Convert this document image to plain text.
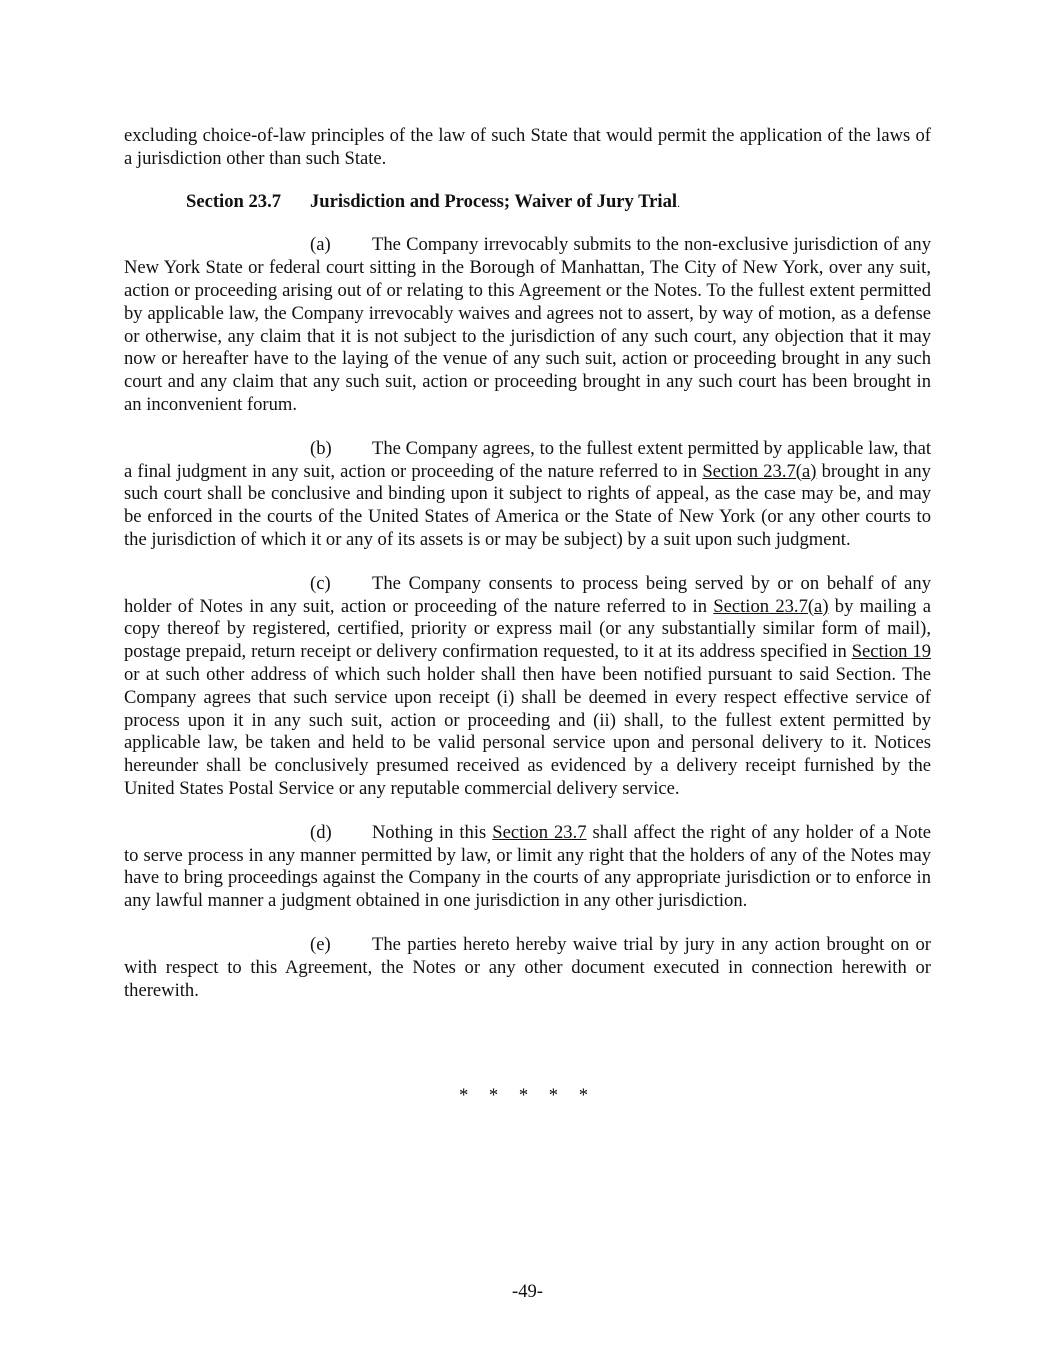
excluding choice-of-law principles of the law of such State that would permit the application of the laws of a jurisdiction other than such State.

Section 23.7 Jurisdiction and Process; Waiver of Jury Trial.

(a) The Company irrevocably submits to the non-exclusive jurisdiction of any New York State or federal court sitting in the Borough of Manhattan, The City of New York, over any suit, action or proceeding arising out of or relating to this Agreement or the Notes. To the fullest extent permitted by applicable law, the Company irrevocably waives and agrees not to assert, by way of motion, as a defense or otherwise, any claim that it is not subject to the jurisdiction of any such court, any objection that it may now or hereafter have to the laying of the venue of any such suit, action or proceeding brought in any such court and any claim that any such suit, action or proceeding brought in any such court has been brought in an inconvenient forum.

(b) The Company agrees, to the fullest extent permitted by applicable law, that a final judgment in any suit, action or proceeding of the nature referred to in Section 23.7(a) brought in any such court shall be conclusive and binding upon it subject to rights of appeal, as the case may be, and may be enforced in the courts of the United States of America or the State of New York (or any other courts to the jurisdiction of which it or any of its assets is or may be subject) by a suit upon such judgment.

(c) The Company consents to process being served by or on behalf of any holder of Notes in any suit, action or proceeding of the nature referred to in Section 23.7(a) by mailing a copy thereof by registered, certified, priority or express mail (or any substantially similar form of mail), postage prepaid, return receipt or delivery confirmation requested, to it at its address specified in Section 19 or at such other address of which such holder shall then have been notified pursuant to said Section. The Company agrees that such service upon receipt (i) shall be deemed in every respect effective service of process upon it in any such suit, action or proceeding and (ii) shall, to the fullest extent permitted by applicable law, be taken and held to be valid personal service upon and personal delivery to it. Notices hereunder shall be conclusively presumed received as evidenced by a delivery receipt furnished by the United States Postal Service or any reputable commercial delivery service.

(d) Nothing in this Section 23.7 shall affect the right of any holder of a Note to serve process in any manner permitted by law, or limit any right that the holders of any of the Notes may have to bring proceedings against the Company in the courts of any appropriate jurisdiction or to enforce in any lawful manner a judgment obtained in one jurisdiction in any other jurisdiction.

(e) The parties hereto hereby waive trial by jury in any action brought on or with respect to this Agreement, the Notes or any other document executed in connection herewith or therewith.

* * * * *
-49-
